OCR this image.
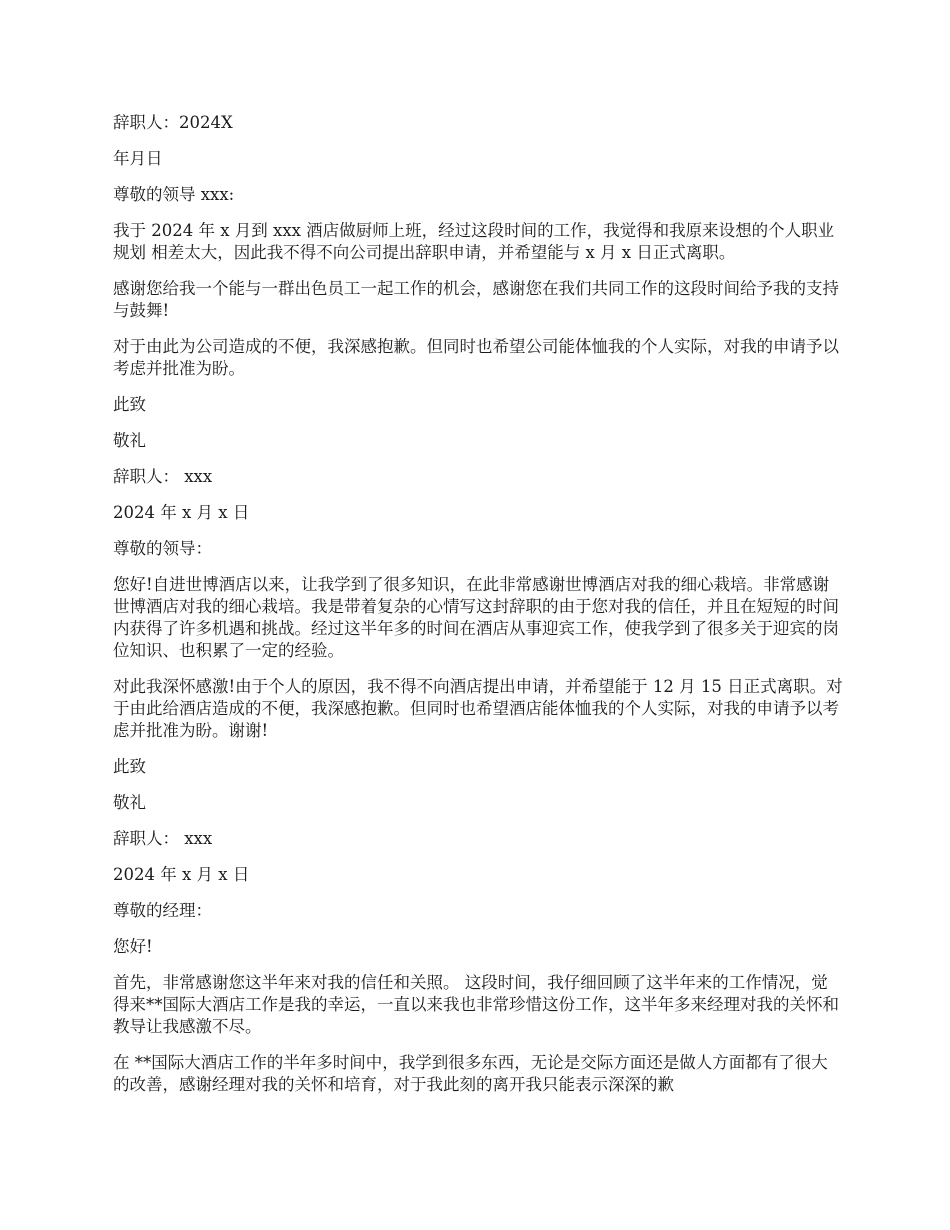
辞职人：2024X

年月日

尊敬的领导 xxx:

我于 2024 年 x 月到 xxx 酒店做厨师上班，经过这段时间的工作，我觉得和我原来设想的个人职业规划 相差太大，因此我不得不向公司提出辞职申请，并希望能与 x 月 x 日正式离职。

感谢您给我一个能与一群出色员工一起工作的机会，感谢您在我们共同工作的这段时间给予我的支持与鼓舞!

对于由此为公司造成的不便，我深感抱歉。但同时也希望公司能体恤我的个人实际，对我的申请予以考虑并批准为盼。

此致

敬礼

辞职人： xxx

2024 年 x 月 x 日

尊敬的领导：

您好!自进世博酒店以来，让我学到了很多知识，在此非常感谢世博酒店对我的细心栽培。非常感谢世博酒店对我的细心栽培。我是带着复杂的心情写这封辞职的由于您对我的信任，并且在短短的时间内获得了许多机遇和挑战。经过这半年多的时间在酒店从事迎宾工作，使我学到了很多关于迎宾的岗位知识、也积累了一定的经验。

对此我深怀感激!由于个人的原因，我不得不向酒店提出申请，并希望能于 12 月 15 日正式离职。对于由此给酒店造成的不便，我深感抱歉。但同时也希望酒店能体恤我的个人实际，对我的申请予以考虑并批准为盼。谢谢!

此致

敬礼

辞职人： xxx

2024 年 x 月 x 日

尊敬的经理：

您好!

首先，非常感谢您这半年来对我的信任和关照。 这段时间，我仔细回顾了这半年来的工作情况，觉得来**国际大酒店工作是我的幸运，一直以来我也非常珍惜这份工作，这半年多来经理对我的关怀和教导让我感激不尽。

在 **国际大酒店工作的半年多时间中，我学到很多东西，无论是交际方面还是做人方面都有了很大的改善，感谢经理对我的关怀和培育，对于我此刻的离开我只能表示深深的歉
